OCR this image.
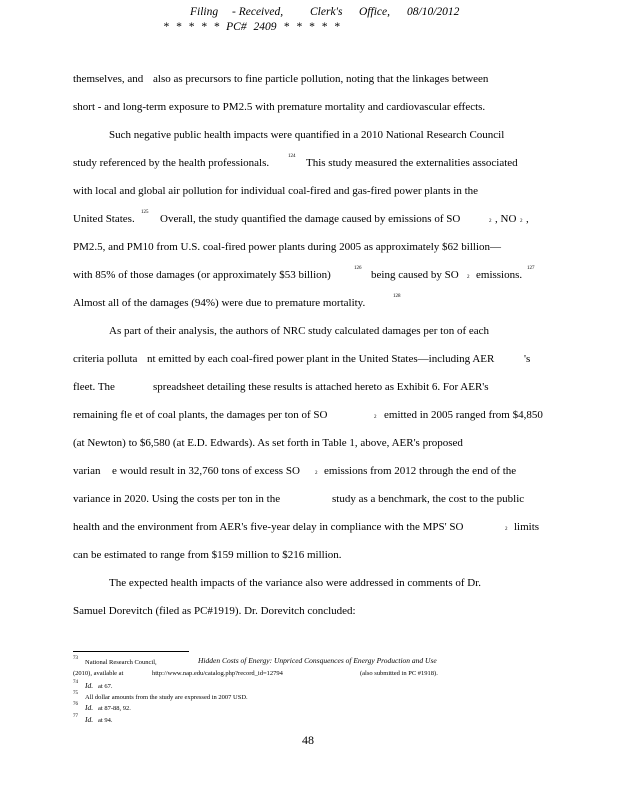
Filing - Received, Clerk's Office, 08/10/2012
* * * * * PC# 2409 * * * * *
themselves, and also as precursors to fine particle pollution, noting that the linkages between
short - and long-term exposure to PM2.5 with premature mortality and cardiovascular effects.
Such negative public health impacts were quantified in a 2010 National Research Council
study referenced by the health professionals.
124
This study measured the externalities associated
with local and global air pollution for individual coal-fired and gas-fired power plants in the
United States.
125
Overall, the study quantified the damage caused by emissions of SO	2 , NO 2 ,
PM2.5, and PM10 from U.S. coal-fired power plants during 2005 as approximately $62 billion—
with 85% of those damages (or approximately $53 billion)
126
being caused by SO 2 emissions.
127
Almost all of the damages (94%) were due to premature mortality.
128
As part of their analysis, the authors of NRC study calculated damages per ton of each
criteria polluta nt emitted by each coal-fired power plant in the United States—including AER	's
fleet. The	spreadsheet detailing these results is attached hereto as Exhibit 6. For AER's
remaining fle et of coal plants, the damages per ton of SO	2 emitted in 2005 ranged from $4,850
(at Newton) to $6,580 (at E.D. Edwards). As set forth in Table 1, above, AER's proposed
varian e would result in 32,760 tons of excess SO	2 emissions from 2012 through the end of the
variance in 2020. Using the costs per ton in the	study as a benchmark, the cost to the public
health and the environment from AER's five-year delay in compliance with the MPS' SO	2 limits
can be estimated to range from $159 million to $216 million.
The expected health impacts of the variance also were addressed in comments of Dr.
Samuel Dorevitch (filed as PC#1919). Dr. Dorevitch concluded:
73
National Research Council,	Hidden Costs of Energy: Unpriced Consquences of Energy Production and Use
(2010), available at	http://www.nap.edu/catalog.php?record_id=12794	(also submitted in PC #1918).
74 Id. at 67.
75
All dollar amounts from the study are expressed in 2007 USD.
76 Id. at 87-88, 92.
77 Id. at 94.
48
